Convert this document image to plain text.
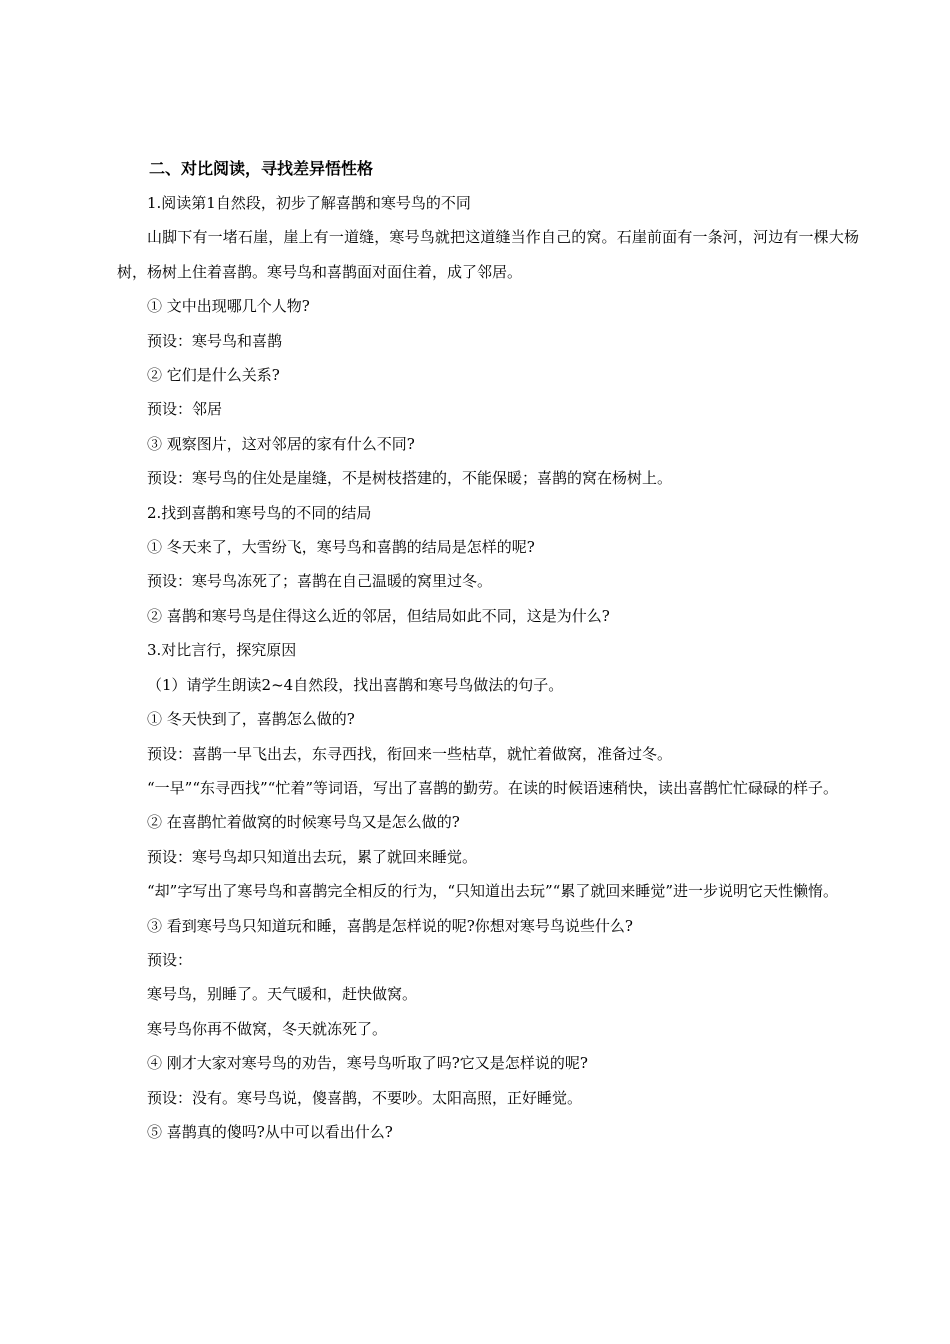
二、对比阅读，寻找差异悟性格
1.阅读第1自然段，初步了解喜鹊和寒号鸟的不同
山脚下有一堵石崖，崖上有一道缝，寒号鸟就把这道缝当作自己的窝。石崖前面有一条河，河边有一棵大杨树，杨树上住着喜鹊。寒号鸟和喜鹊面对面住着，成了邻居。
① 文中出现哪几个人物?
预设：寒号鸟和喜鹊
② 它们是什么关系?
预设：邻居
③ 观察图片，这对邻居的家有什么不同?
预设：寒号鸟的住处是崖缝，不是树枝搭建的，不能保暖；喜鹊的窝在杨树上。
2.找到喜鹊和寒号鸟的不同的结局
① 冬天来了，大雪纷飞，寒号鸟和喜鹊的结局是怎样的呢?
预设：寒号鸟冻死了；喜鹊在自己温暖的窝里过冬。
② 喜鹊和寒号鸟是住得这么近的邻居，但结局如此不同，这是为什么?
3.对比言行，探究原因
（1）请学生朗读2~4自然段，找出喜鹊和寒号鸟做法的句子。
① 冬天快到了，喜鹊怎么做的?
预设：喜鹊一早飞出去，东寻西找，衔回来一些枯草，就忙着做窝，准备过冬。
“一早”“东寻西找”“忙着”等词语，写出了喜鹊的勤劳。在读的时候语速稍快，读出喜鹊忙忙碌碌的样子。
② 在喜鹊忙着做窝的时候寒号鸟又是怎么做的?
预设：寒号鸟却只知道出去玩，累了就回来睡觉。
“却”字写出了寒号鸟和喜鹊完全相反的行为，“只知道出去玩”“累了就回来睡觉”进一步说明它天性懒惰。
③ 看到寒号鸟只知道玩和睡，喜鹊是怎样说的呢?你想对寒号鸟说些什么?
预设：
寒号鸟，别睡了。天气暖和，赶快做窝。
寒号鸟你再不做窝，冬天就冻死了。
④ 刚才大家对寒号鸟的劝告，寒号鸟听取了吗?它又是怎样说的呢?
预设：没有。寒号鸟说，傻喜鹊，不要吵。太阳高照，正好睡觉。
⑤ 喜鹊真的傻吗?从中可以看出什么?
